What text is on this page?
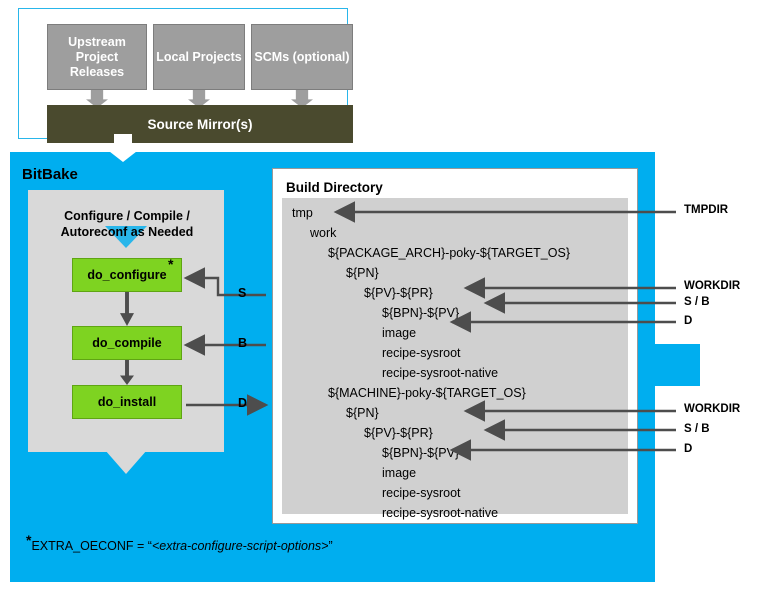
BitBake
Upstream Project Releases
Local Projects SCMs (optional)
Source Mirror(s)
Configure / Compile / Autoreconf as Needed
do_configure
*
do_compile
do_install
Build Directory
tmp
work
${PACKAGE_ARCH}-poky-${TARGET_OS}
${PN}
${PV}-${PR}
${BPN}-${PV}
image
recipe-sysroot
recipe-sysroot-native
${MACHINE}-poky-${TARGET_OS}
${PN}
${PV}-${PR}
${BPN}-${PV}
image
recipe-sysroot
recipe-sysroot-native
S
B
D
TMPDIR
WORKDIR
S / B
D
WORKDIR
S / B
D
*EXTRA_OECONF = “<extra-configure-script-options>”
